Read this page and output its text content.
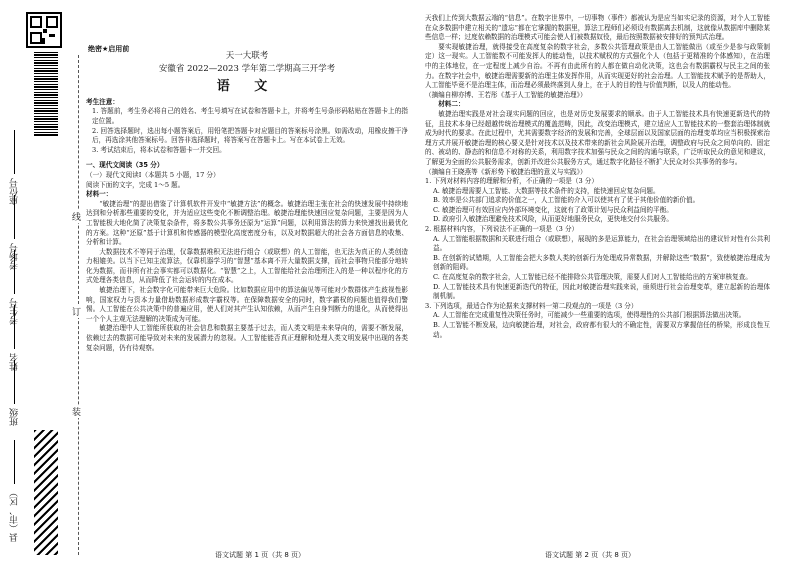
座位号
考场号
考生号
姓名
班级
县（市、区）
线
订
装
绝密★启用前
天一大联考
安徽省 2022—2023 学年第二学期高三开学考
语 文
考生注意：

1. 答题前，考生务必将自己的姓名、考生号填写在试卷和答题卡上，并将考生号条形码粘贴在答题卡上的指定位置。

2. 回答选择题时，选出每小题答案后，用铅笔把答题卡对应题目的答案标号涂黑。如需改动，用橡皮擦干净后，再选涂其他答案标号。回答非选择题时，将答案写在答题卡上。写在本试卷上无效。

3. 考试结束后，将本试卷和答题卡一并交回。

一、现代文阅读（35 分）

（一）现代文阅读Ⅰ（本题共 5 小题，17 分）

阅读下面的文字，完成 1～5 题。

材料一：

“敏捷治理”的提出借鉴了计算机软件开发中“敏捷方法”的概念。敏捷治理主张在社会的快速发展中持续地达到和分析那些重要的变化，并为适应这些变化不断调整治理。敏捷治理能快速回应复杂问题，主要是因为人工智能极大地化简了决策复杂条件，将多数公共事务还原为“运算”问题，以利用算法的算力来快速找出最优化的方案。这种“还原”基于计算机和传感器的模型化高度密度分布，以及对数据超大的社会各方面信息的收集、分析和计算。

大数据技术不等同于治理，仅靠数据堆积无法进行组合（或联想）的人工智能，也无法为真正的人类创造力相媲美。以当下已知主流算法，仅靠机器学习的“智慧”基本离不开大量数据支撑，而社会事物只能部分地转化为数据，而非所有社会事实都可以数据化。“智慧”之上，人工智能给社会治理所注入的是一种以程序化的方式处理各类信息，从而降低了社会运转的内在成本。

敏捷治理下，社会数字化可能带来巨大危险。比如数据应用中的算法偏见等可能对少数群体产生歧视性影响，国家权力与资本力量借助数据形成数字霸权等。在保障数据安全的同时，数字霸权的问题也值得我们警惕。人工智能在公共决策中的普遍应用，使人们对其产生认知依赖，从而产生自身判断力的退化，从而使得出一个个人主观无法理解的决策成为可能。

敏捷治理中人工智能所获取的社会信息和数据主要基于过去，而人类文明是未来导向的，需要不断发展，依赖过去的数据可能导致对未来的发展潜力的忽视。人工智能能否真正理解和处理人类文明发展中出现的各类复杂问题，仍有待观察。

天我们上传到大数据云端的“信息”。在数字世界中，一切事物（事件）都被认为是应当如实记录的资源，对个人工智能在众多数据中建立相关的“遗忘”都在它掌握的数据里，算法工程师们必须设有数据离去机制，这就像从数据库中删除某些信息一样；过度依赖数据的治理模式可能会使人们被数据奴役，最后按照数据被安排好的预判式治理。

要实现敏捷治理，就得接受在高度复杂的数字社会，多数公共管理政策是由人工智能做出（或至少是参与政策制定）这一现实。人工智能数不可能发挥人的能动性，以技术赋权的方式强化个人（包括于更精准的个体感知），在治理中的主体地位，在一定程度上减少自治。不再有由此所有的人都在做自动化决策，这也会有数据霸权与民主之间的张力。在数字社会中，敏捷治理需要新的治理主体发挥作用，从而实现更好的社会治理。人工智能技术赋予的是帮助人，人工智能毕竟不是治理主体，而治理必须最终落到人身上，在于人的目的性与价值判断，以及人的能动性。

（摘编自柳亦博、王若彤《基于人工智能的敏捷治理》）

材料二：

敏捷治理实践是对社会现实问题的回应，也是对历史发展要求的顺承。由于人工智能技术具有快速更新迭代的特征，且技术本身已经超越传统治理模式的覆盖范畴，因此，改变治理模式，建立适应人工智能技术的一整套治理体制就成为时代的要求。在此过程中，尤其需要数字经济的发展和完善，全球层面以及国家层面的治理变革均应当积极探索治理方式并展开敏捷治理的核心要义是针对技术以及技术带来的新社会风险展开治理，调整政府与民众之间单向的、固定的、被动的、静态的和信息不对称的关系，利用数字技术加强与民众之间的沟通与联系，广泛听取民众的意见和建议，了解更为全面的公共服务需求，创新并改进公共服务方式，通过数字化路径不断扩大民众对公共事务的参与。

（摘编自王晓燕等《新形势下敏捷治理的意义与实践》）

1. 下列对材料内容的理解和分析，不正确的一项是（3 分）

A. 敏捷治理需要人工智能、大数据等技术条件的支持，能快速回应复杂问题。

B. 效率是公共部门追求的价值之一，人工智能的介入可以使其有了优于其他价值的新价值。

C. 敏捷治理可有效回应内外部环境变化，这就有了政策计划与民众利益间的平衡。

D. 政府引入敏捷治理避免技术风险，从而更好地服务民众，更快地交付公共服务。

2. 根据材料内容，下列说法不正确的一项是（3 分）

A. 人工智能根据数据和关联进行组合（或联想），展现的多是运算能力，在社会治理领域给出的建议针对性有公共利益。

B. 在创新的试错期，人工智能会把大多数人类的创新行为处理成异常数据，并解除这些“数据”，致使敏捷治理成为创新的阻碍。

C. 在高度复杂的数字社会，人工智能已经不能排除公共管理决策，需要人们对人工智能给出的方案审核复查。

D. 人工智能技术具有快速更新迭代的特征，因此对敏捷治理实践来说，亟须进行社会治理变革，建立起新的治理体制机制。

3. 下列选项，最适合作为论据来支撑材料一第二段观点的一项是（3 分）

A. 人工智能在完成重复性决策任务时，可能减少一些重要的选项，使得理性的公共部门根据算法做出决策。

B. 人工智能不断发展，边向敏捷治理，对社会，政府都有很大的不确定性，需要双方掌握信任的桥梁，形成良性互动。

语文试题 第 1 页（共 8 页）	语文试题 第 2 页（共 8 页）
